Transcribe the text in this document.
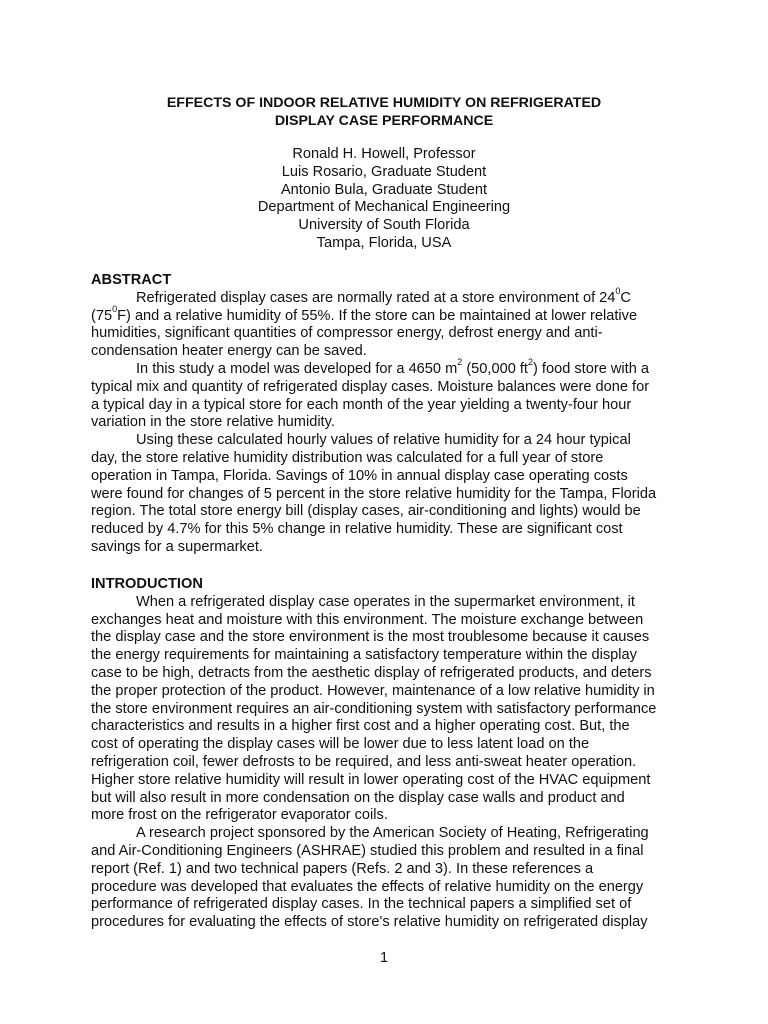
EFFECTS OF INDOOR RELATIVE HUMIDITY ON REFRIGERATED
DISPLAY CASE PERFORMANCE
Ronald H. Howell, Professor
Luis Rosario, Graduate Student
Antonio Bula, Graduate Student
Department of Mechanical Engineering
University of South Florida
Tampa, Florida, USA
ABSTRACT
Refrigerated display cases are normally rated at a store environment of $24^0C$
$(75^0F)$ and a relative humidity of 55%. If the store can be maintained at lower relative
humidities, significant quantities of compressor energy, defrost energy and anti-
condensation heater energy can be saved.
In this study a model was developed for a 4650 $m^2$ (50,000 $ft^2$) food store with a
typical mix and quantity of refrigerated display cases. Moisture balances were done for
a typical day in a typical store for each month of the year yielding a twenty-four hour
variation in the store relative humidity.
Using these calculated hourly values of relative humidity for a 24 hour typical
day, the store relative humidity distribution was calculated for a full year of store
operation in Tampa, Florida. Savings of 10% in annual display case operating costs
were found for changes of 5 percent in the store relative humidity for the Tampa, Florida
region. The total store energy bill (display cases, air-conditioning and lights) would be
reduced by 4.7% for this 5% change in relative humidity. These are significant cost
savings for a supermarket.
INTRODUCTION
When a refrigerated display case operates in the supermarket environment, it
exchanges heat and moisture with this environment. The moisture exchange between
the display case and the store environment is the most troublesome because it causes
the energy requirements for maintaining a satisfactory temperature within the display
case to be high, detracts from the aesthetic display of refrigerated products, and deters
the proper protection of the product. However, maintenance of a low relative humidity in
the store environment requires an air-conditioning system with satisfactory performance
characteristics and results in a higher first cost and a higher operating cost. But, the
cost of operating the display cases will be lower due to less latent load on the
refrigeration coil, fewer defrosts to be required, and less anti-sweat heater operation.
Higher store relative humidity will result in lower operating cost of the HVAC equipment
but will also result in more condensation on the display case walls and product and
more frost on the refrigerator evaporator coils.
A research project sponsored by the American Society of Heating, Refrigerating
and Air-Conditioning Engineers (ASHRAE) studied this problem and resulted in a final
report (Ref. 1) and two technical papers (Refs. 2 and 3). In these references a
procedure was developed that evaluates the effects of relative humidity on the energy
performance of refrigerated display cases. In the technical papers a simplified set of
procedures for evaluating the effects of store's relative humidity on refrigerated display
1
